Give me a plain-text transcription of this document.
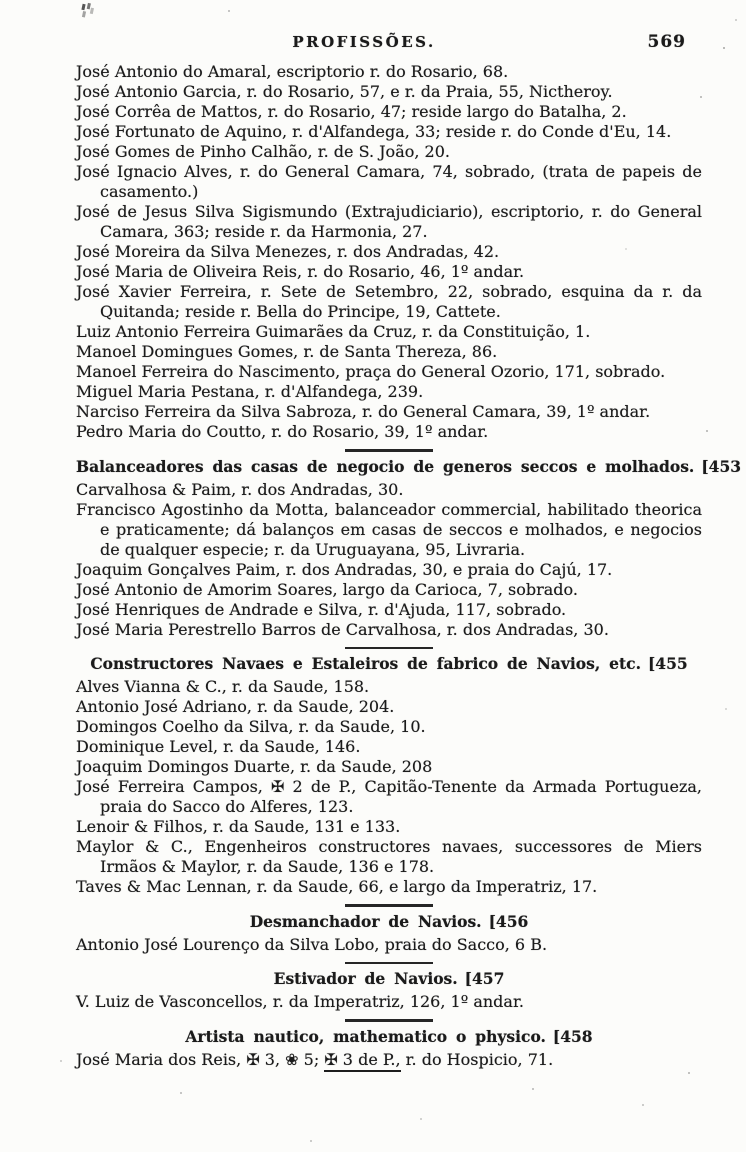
PROFISSÕES.	569

José Antonio do Amaral, escriptorio r. do Rosario, 68.

José Antonio Garcia, r. do Rosario, 57, e r. da Praia, 55, Nictheroy.

José Corrêa de Mattos, r. do Rosario, 47; reside largo do Batalha, 2.

José Fortunato de Aquino, r. d'Alfandega, 33; reside r. do Conde d'Eu, 14.

José Gomes de Pinho Calhão, r. de S. João, 20.

José Ignacio Alves, r. do General Camara, 74, sobrado, (trata de papeis de casamento.)

José de Jesus Silva Sigismundo (Extrajudiciario), escriptorio, r. do General Camara, 363; reside r. da Harmonia, 27.

José Moreira da Silva Menezes, r. dos Andradas, 42.

José Maria de Oliveira Reis, r. do Rosario, 46, 1º andar.

José Xavier Ferreira, r. Sete de Setembro, 22, sobrado, esquina da r. da Quitanda; reside r. Bella do Principe, 19, Cattete.

Luiz Antonio Ferreira Guimarães da Cruz, r. da Constituição, 1.

Manoel Domingues Gomes, r. de Santa Thereza, 86.

Manoel Ferreira do Nascimento, praça do General Ozorio, 171, sobrado.

Miguel Maria Pestana, r. d'Alfandega, 239.

Narciso Ferreira da Silva Sabroza, r. do General Camara, 39, 1º andar.

Pedro Maria do Coutto, r. do Rosario, 39, 1º andar.

Balanceadores das casas de negocio de generos seccos e molhados. [453

Carvalhosa & Paim, r. dos Andradas, 30.

Francisco Agostinho da Motta, balanceador commercial, habilitado theorica e praticamente; dá balanços em casas de seccos e molhados, e negocios de qualquer especie; r. da Uruguayana, 95, Livraria.

Joaquim Gonçalves Paim, r. dos Andradas, 30, e praia do Cajú, 17.

José Antonio de Amorim Soares, largo da Carioca, 7, sobrado.

José Henriques de Andrade e Silva, r. d'Ajuda, 117, sobrado.

José Maria Perestrello Barros de Carvalhosa, r. dos Andradas, 30.

Constructores Navaes e Estaleiros de fabrico de Navios, etc. [455

Alves Vianna & C., r. da Saude, 158.

Antonio José Adriano, r. da Saude, 204.

Domingos Coelho da Silva, r. da Saude, 10.

Dominique Level, r. da Saude, 146.

Joaquim Domingos Duarte, r. da Saude, 208

José Ferreira Campos, ✠ 2 de P., Capitão-Tenente da Armada Portugueza, praia do Sacco do Alferes, 123.

Lenoir & Filhos, r. da Saude, 131 e 133.

Maylor & C., Engenheiros constructores navaes, successores de Miers Irmãos & Maylor, r. da Saude, 136 e 178.

Taves & Mac Lennan, r. da Saude, 66, e largo da Imperatriz, 17.

Desmanchador de Navios. [456

Antonio José Lourenço da Silva Lobo, praia do Sacco, 6 B.

Estivador de Navios. [457

V. Luiz de Vasconcellos, r. da Imperatriz, 126, 1º andar.

Artista nautico, mathematico o physico. [458

José Maria dos Reis, ✠ 3, ❀ 5; ✠ 3 de P., r. do Hospicio, 71.
